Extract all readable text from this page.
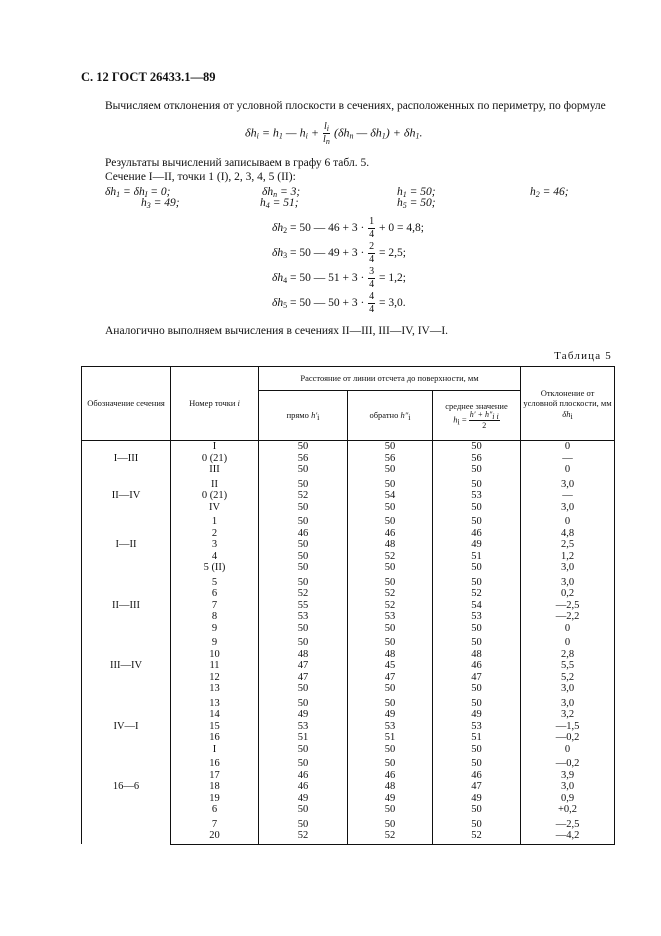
С. 12 ГОСТ 26433.1—89
Вычисляем отклонения от условной плоскости в сечениях, расположенных по периметру, по формуле
$\delta h_i = h_1$ — $h_i + \frac{l_i}{l_n} (\delta h_n$ — $\delta h_1) + \delta h_1$.
Результаты вычислений записываем в графу 6 табл. 5.
Сечение I—II, точки 1 (I), 2, 3, 4, 5 (II):
$\delta h_1 = \delta h_I = 0$;	$\delta h_n = 3$;	$h_1 = 50$;	$h_2 = 46$;
$h_3 = 49$;	$h_4 = 51$;	$h_5 = 50$;
$\delta h_2 = 50$ — $46 + 3 \cdot \frac{1}{4} + 0 = 4,8$;
$\delta h_3 = 50$ — $49 + 3 \cdot \frac{2}{4} = 2,5$;
$\delta h_4 = 50$ — $51 + 3 \cdot \frac{3}{4} = 1,2$;
$\delta h_5 = 50$ — $50 + 3 \cdot \frac{4}{4} = 3,0$.
Аналогично выполняем вычисления в сечениях II—III, III—IV, IV—I.
Таблица 5
Обозначение сечения	Номер точки i	Расстояние от линии отсчета до поверхности, мм			Отклонение от условной плоскости, мм
$\delta h_i$
		прямо $h'_i$	обратно $h''_i$	среднее значение
$h_i = \frac{h' + h''_{i i}}{2}$

I—III	I	50	50	50	0
	0 (21)	56	56	56	—
	III	50	50	50	0
II—IV	II	50	50	50	3,0
	0 (21)	52	54	53	—
	IV	50	50	50	3,0
I—II	1	50	50	50	0
	2	46	46	46	4,8
	3	50	48	49	2,5
	4	50	52	51	1,2
	5 (II)	50	50	50	3,0
II—III	5	50	50	50	3,0
	6	52	52	52	0,2
	7	55	52	54	—2,5
	8	53	53	53	—2,2
	9	50	50	50	0
III—IV	9	50	50	50	0
	10	48	48	48	2,8
	11	47	45	46	5,5
	12	47	47	47	5,2
	13	50	50	50	3,0
IV—I	13	50	50	50	3,0
	14	49	49	49	3,2
	15	53	53	53	—1,5
	16	51	51	51	—0,2
	I	50	50	50	0
16—6	16	50	50	50	—0,2
	17	46	46	46	3,9
	18	46	48	47	3,0
	19	49	49	49	0,9
	6	50	50	50	+0,2
	7	50	50	50	—2,5
	20	52	52	52	—4,2
